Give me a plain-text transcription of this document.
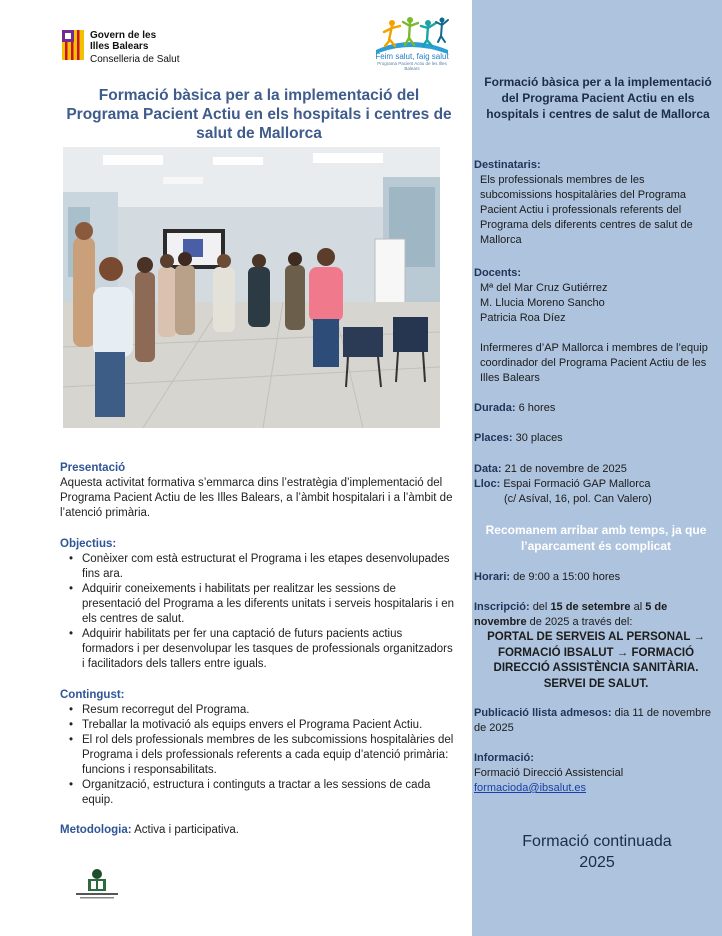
Govern de les
Illes Balears
Conselleria de Salut	Feim salut, faig salut
Programa Pacient Actiu de les Illes Balears
Formació bàsica per a la implementació del Programa Pacient Actiu en els hospitals i centres de salut de Mallorca
Presentació
Aquesta activitat formativa s’emmarca dins l’estratègia d’implementació del Programa Pacient Actiu de les Illes Balears, a l’àmbit hospitalari i a l’àmbit de l’atenció primària.
Objectius:
• Conèixer com està estructurat el Programa i les etapes desenvolupades fins ara.
• Adquirir coneixements i habilitats per realitzar les sessions de presentació del Programa a les diferents unitats i serveis hospitalaris i en els centres de salut.
• Adquirir habilitats per fer una captació de futurs pacients actius formadors i per desenvolupar les tasques de professionals organitzadors i facilitadors dels tallers entre iguals.
Contingust:
• Resum recorregut del Programa.
• Treballar la motivació als equips envers el Programa Pacient Actiu.
• El rol dels professionals membres de les subcomissions hospitalàries del Programa i dels professionals referents a cada equip d’atenció primària: funcions i responsabilitats.
• Organització, estructura i continguts a tractar a les sessions de cada equip.
Metodologia: Activa i participativa.
Formació bàsica per a la implementació del Programa Pacient Actiu en els hospitals i centres de salut de Mallorca
Destinataris:
Els professionals membres de les subcomissions hospitalàries del Programa Pacient Actiu i professionals referents del Programa dels diferents centres de salut de Mallorca
Docents:
Mª del Mar Cruz Gutiérrez
M. Llucia Moreno Sancho
Patricia Roa Díez
Infermeres d’AP Mallorca i membres de l’equip coordinador del Programa Pacient Actiu de les Illes Balears
Durada: 6 hores
Places: 30 places
Data: 21 de novembre de 2025
Lloc: Espai Formació GAP Mallorca
(c/ Asíval, 16, pol. Can Valero)
Recomanem arribar amb temps, ja que l’aparcament és complicat
Horari: de 9:00 a 15:00 hores
Inscripció: del 15 de setembre al 5 de novembre de 2025 a través del:
PORTAL DE SERVEIS AL PERSONAL → FORMACIÓ IBSALUT → FORMACIÓ DIRECCIÓ ASSISTÈNCIA SANITÀRIA. SERVEI DE SALUT.
Publicació llista admesos: dia 11 de novembre de 2025
Informació:
Formació Direcció Assistencial
formacioda@ibsalut.es
Formació continuada
2025
